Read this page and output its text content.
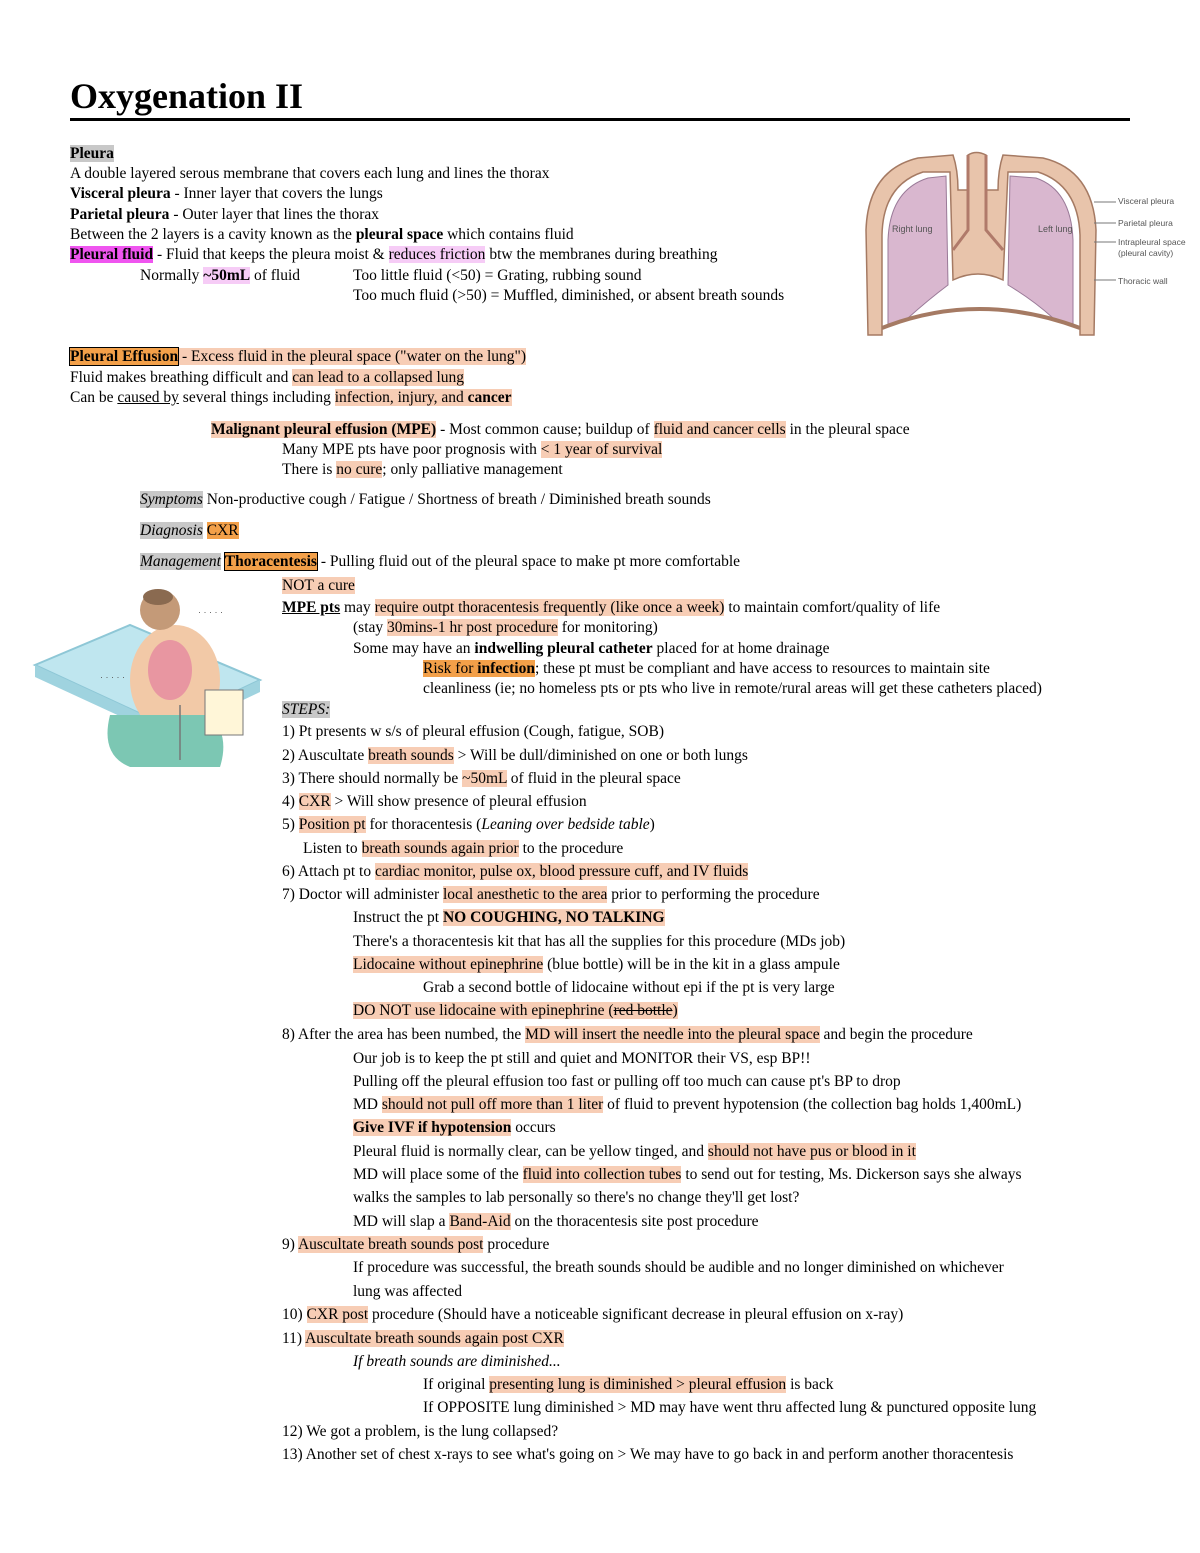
Oxygenation II
Pleura
A double layered serous membrane that covers each lung and lines the thorax
Visceral pleura - Inner layer that covers the lungs
Parietal pleura - Outer layer that lines the thorax
Between the 2 layers is a cavity known as the pleural space which contains fluid
Pleural fluid - Fluid that keeps the pleura moist & reduces friction btw the membranes during breathing
Normally ~50mL of fluid	Too little fluid (<50) = Grating, rubbing sound
Too much fluid (>50) = Muffled, diminished, or absent breath sounds
Right lung	Left lung
Visceral pleura
Parietal pleura
Intrapleural space
(pleural cavity)
Thoracic wall
Pleural Effusion - Excess fluid in the pleural space ("water on the lung")
Fluid makes breathing difficult and can lead to a collapsed lung
Can be caused by several things including infection, injury, and cancer
Malignant pleural effusion (MPE) - Most common cause; buildup of fluid and cancer cells in the pleural space
Many MPE pts have poor prognosis with < 1 year of survival
There is no cure; only palliative management
Symptoms Non-productive cough / Fatigue / Shortness of breath / Diminished breath sounds
Diagnosis CXR
Management Thoracentesis - Pulling fluid out of the pleural space to make pt more comfortable
· · · · ·
· · · · ·
NOT a cure
MPE pts may require outpt thoracentesis frequently (like once a week) to maintain comfort/quality of life
(stay 30mins-1 hr post procedure for monitoring)
Some may have an indwelling pleural catheter placed for at home drainage
Risk for infection; these pt must be compliant and have access to resources to maintain site
cleanliness (ie; no homeless pts or pts who live in remote/rural areas will get these catheters placed)
STEPS:
1) Pt presents w s/s of pleural effusion (Cough, fatigue, SOB)
2) Auscultate breath sounds > Will be dull/diminished on one or both lungs
3) There should normally be ~50mL of fluid in the pleural space
4) CXR > Will show presence of pleural effusion
5) Position pt for thoracentesis (Leaning over bedside table)
Listen to breath sounds again prior to the procedure
6) Attach pt to cardiac monitor, pulse ox, blood pressure cuff, and IV fluids
7) Doctor will administer local anesthetic to the area prior to performing the procedure
Instruct the pt NO COUGHING, NO TALKING
There's a thoracentesis kit that has all the supplies for this procedure (MDs job)
Lidocaine without epinephrine (blue bottle) will be in the kit in a glass ampule
Grab a second bottle of lidocaine without epi if the pt is very large
DO NOT use lidocaine with epinephrine (red bottle)
8) After the area has been numbed, the MD will insert the needle into the pleural space and begin the procedure
Our job is to keep the pt still and quiet and MONITOR their VS, esp BP!!
Pulling off the pleural effusion too fast or pulling off too much can cause pt's BP to drop
MD should not pull off more than 1 liter of fluid to prevent hypotension (the collection bag holds 1,400mL)
Give IVF if hypotension occurs
Pleural fluid is normally clear, can be yellow tinged, and should not have pus or blood in it
MD will place some of the fluid into collection tubes to send out for testing, Ms. Dickerson says she always
walks the samples to lab personally so there's no change they'll get lost?
MD will slap a Band-Aid on the thoracentesis site post procedure
9) Auscultate breath sounds post procedure
If procedure was successful, the breath sounds should be audible and no longer diminished on whichever
lung was affected
10) CXR post procedure (Should have a noticeable significant decrease in pleural effusion on x-ray)
11) Auscultate breath sounds again post CXR
If breath sounds are diminished...
If original presenting lung is diminished > pleural effusion is back
If OPPOSITE lung diminished > MD may have went thru affected lung & punctured opposite lung
12) We got a problem, is the lung collapsed?
13) Another set of chest x-rays to see what's going on > We may have to go back in and perform another thoracentesis
